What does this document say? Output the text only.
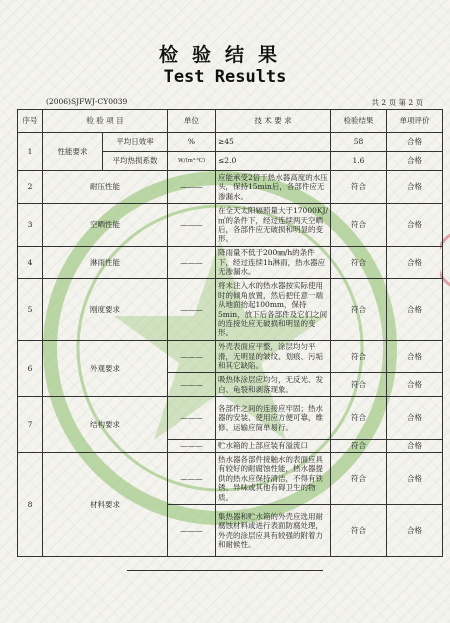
检验结果
Test Results
(2006)SJFWJ-CY0039	共 2 页 第 2 页
序号	检 验 项 目		单位	技 术 要 求	检验结果	单项评价
1	性能要求	平均日效率	%	≥45	58	合格
		平均热损系数	W/(m³·℃)	≤2.0	1.6	合格
2	耐压性能		———	应能承受2倍于热水器高度的水压头，保持15min后，各部件应无渗漏水。	符合	合格
3	空晒性能		———	在全天太阳辐照量大于17000KJ/㎡的条件下，经过连续两天空晒后，各部件应无破损和明显的变形。	符合	合格
4	淋雨性能		———	降雨量不低于200㎜/h的条件下，经过连续1h淋雨，热水器应无渗漏水。	符合	合格
5	刚度要求		———	将未注入水的热水器按实际使用时的倾角放置，然后把任意一端从地面抬起100mm，保持5min，放下后各部件及它们之间的连接处应无破损和明显的变形。	符合	合格
6	外观要求		———	外壳表面应平整，涂层均匀平滑，无明显的皱纹、划痕、污垢和其它缺陷。	符合	合格
			———	吸热体涂层应均匀，无反光、发白、龟裂和剥落现象。	符合	合格
7	结构要求		———	各部件之间的连接应牢固；热水器的安装、使用应方便可靠，维修、运输应简单易行。	符合	合格
			———	贮水箱的上部应装有溢流口	符合	合格
8	材料要求		———	热水器各部件接触水的表面应具有较好的耐腐蚀性能，热水器提供的热水应保持清洁，不得有铁锈、异味或其他有碍卫生的物质。	符合	合格
			———	集热器和贮水箱的外壳应选用耐腐蚀材料或进行表面防腐处理，外壳的涂层应具有较强的附着力和耐候性。	符合	合格
